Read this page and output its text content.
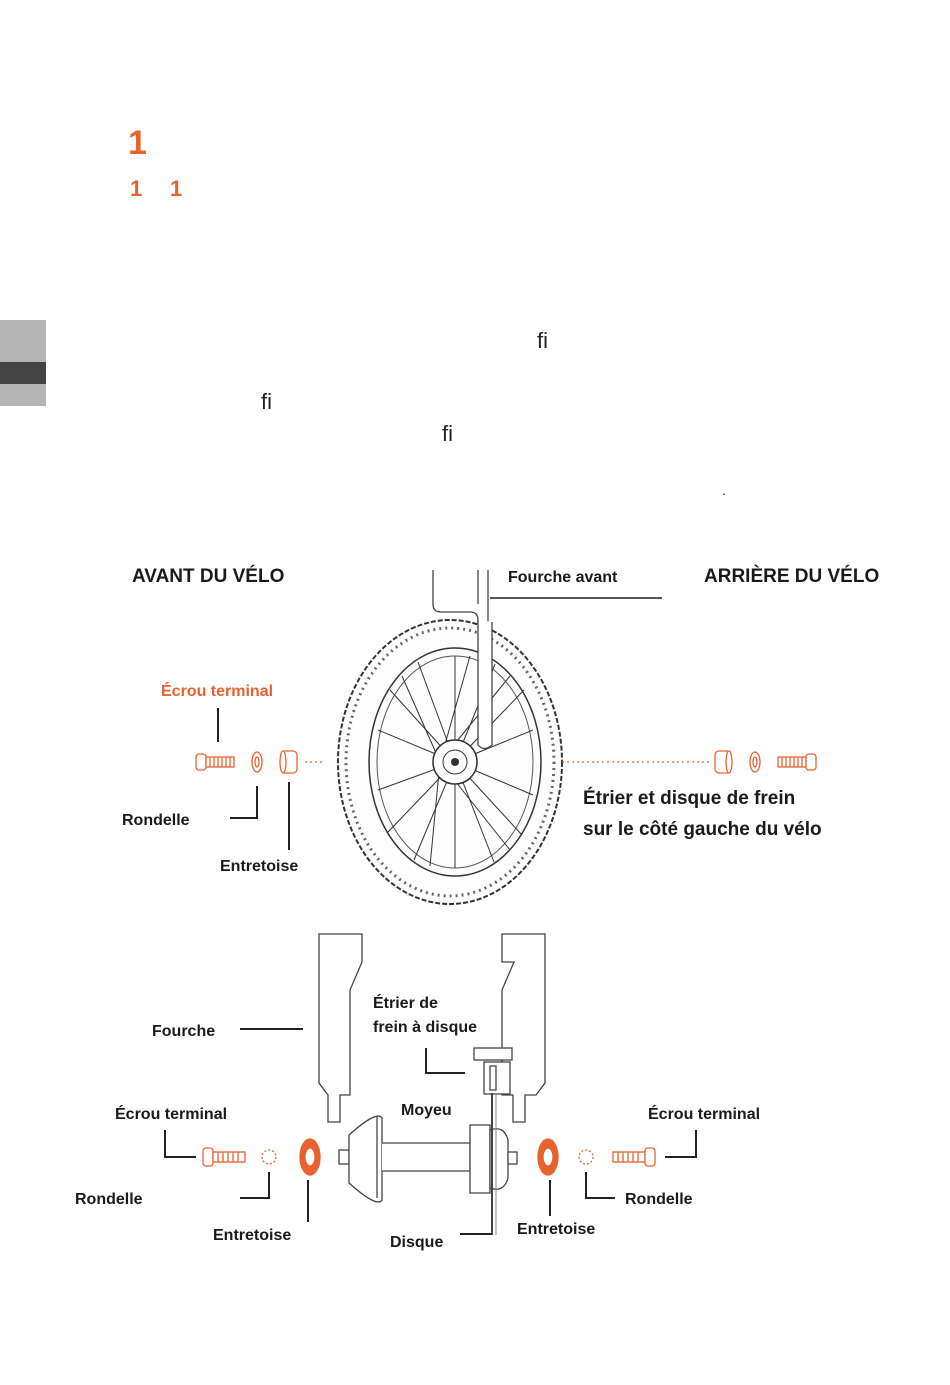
1
1 1
fi
fi
fi
.
AVANT DU VÉLO	ARRIÈRE DU VÉLO
Fourche avant
Écrou terminal
Rondelle
Entretoise
Étrier et disque de frein
sur le côté gauche du vélo
Fourche
Étrier de
frein à disque
Moyeu
Écrou terminal	Écrou terminal
Rondelle	Rondelle
Entretoise	Entretoise
Disque
